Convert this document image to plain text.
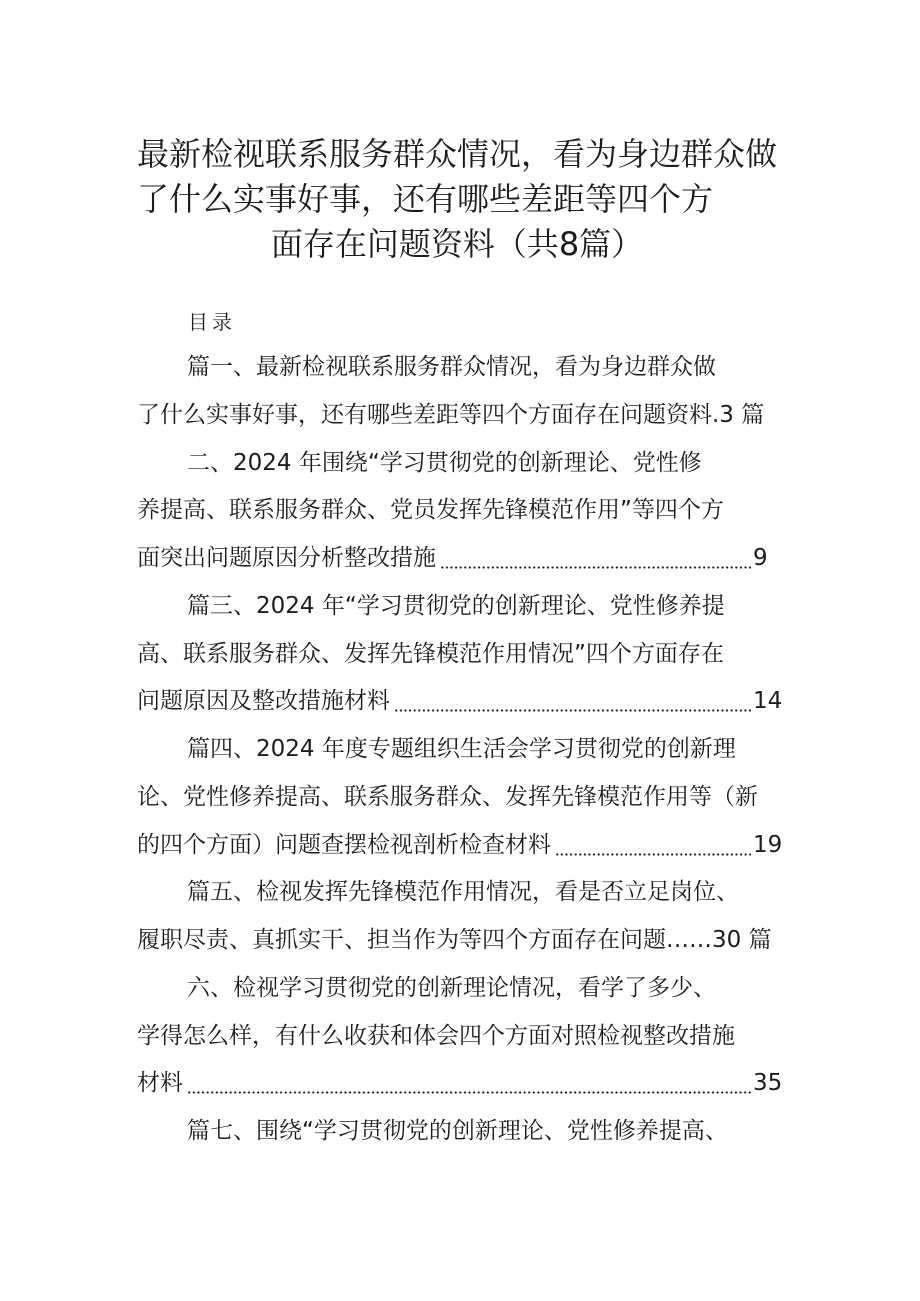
最新检视联系服务群众情况，看为身边群众做
了什么实事好事，还有哪些差距等四个方
面存在问题资料（共8篇）
目录
篇一、最新检视联系服务群众情况，看为身边群众做
了什么实事好事，还有哪些差距等四个方面存在问题资料.3 篇
二、2024 年围绕“学习贯彻党的创新理论、党性修
养提高、联系服务群众、党员发挥先锋模范作用”等四个方
面突出问题原因分析整改措施	9
篇三、2024 年“学习贯彻党的创新理论、党性修养提
高、联系服务群众、发挥先锋模范作用情况”四个方面存在
问题原因及整改措施材料	14
篇四、2024 年度专题组织生活会学习贯彻党的创新理
论、党性修养提高、联系服务群众、发挥先锋模范作用等（新
的四个方面）问题查摆检视剖析检查材料	19
篇五、检视发挥先锋模范作用情况，看是否立足岗位、
履职尽责、真抓实干、担当作为等四个方面存在问题……30 篇
六、检视学习贯彻党的创新理论情况，看学了多少、
学得怎么样，有什么收获和体会四个方面对照检视整改措施
材料	35
篇七、围绕“学习贯彻党的创新理论、党性修养提高、
